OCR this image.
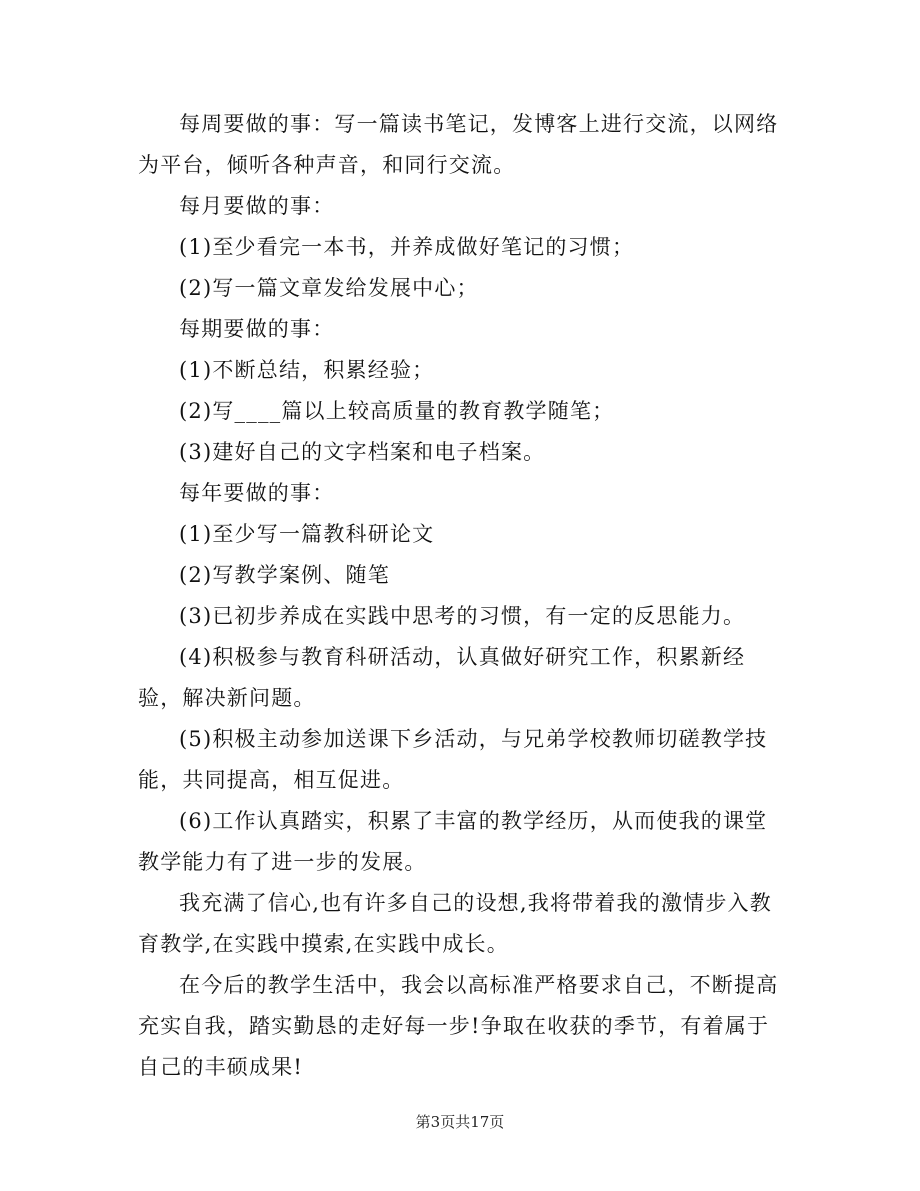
每周要做的事：写一篇读书笔记，发博客上进行交流，以网络为平台，倾听各种声音，和同行交流。

每月要做的事：

(1)至少看完一本书，并养成做好笔记的习惯；

(2)写一篇文章发给发展中心；

每期要做的事：

(1)不断总结，积累经验；

(2)写____篇以上较高质量的教育教学随笔；

(3)建好自己的文字档案和电子档案。

每年要做的事：

(1)至少写一篇教科研论文

(2)写教学案例、随笔

(3)已初步养成在实践中思考的习惯，有一定的反思能力。

(4)积极参与教育科研活动，认真做好研究工作，积累新经验，解决新问题。

(5)积极主动参加送课下乡活动，与兄弟学校教师切磋教学技能，共同提高，相互促进。

(6)工作认真踏实，积累了丰富的教学经历，从而使我的课堂教学能力有了进一步的发展。

我充满了信心,也有许多自己的设想,我将带着我的激情步入教育教学,在实践中摸索,在实践中成长。

在今后的教学生活中，我会以高标准严格要求自己，不断提高充实自我，踏实勤恳的走好每一步!争取在收获的季节，有着属于自己的丰硕成果!

第3页共17页
